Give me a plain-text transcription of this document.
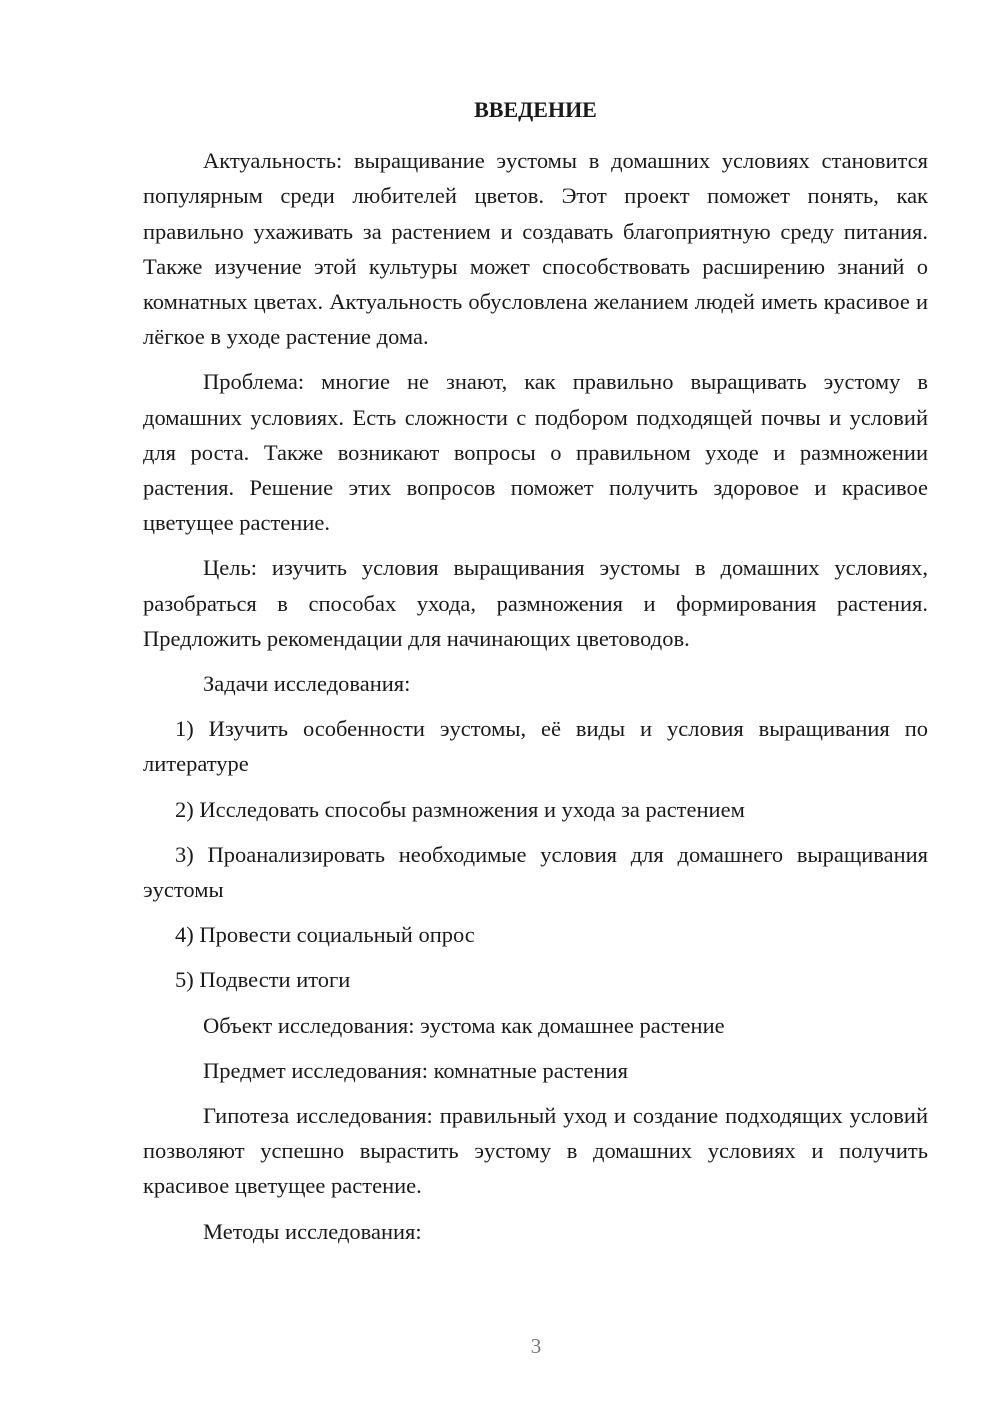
ВВЕДЕНИЕ

Актуальность: выращивание эустомы в домашних условиях становится популярным среди любителей цветов. Этот проект поможет понять, как правильно ухаживать за растением и создавать благоприятную среду питания. Также изучение этой культуры может способствовать расширению знаний о комнатных цветах. Актуальность обусловлена желанием людей иметь красивое и лёгкое в уходе растение дома.

Проблема: многие не знают, как правильно выращивать эустому в домашних условиях. Есть сложности с подбором подходящей почвы и условий для роста. Также возникают вопросы о правильном уходе и размножении растения. Решение этих вопросов поможет получить здоровое и красивое цветущее растение.

Цель: изучить условия выращивания эустомы в домашних условиях, разобраться в способах ухода, размножения и формирования растения. Предложить рекомендации для начинающих цветоводов.

Задачи исследования:

1) Изучить особенности эустомы, её виды и условия выращивания по литературе

2) Исследовать способы размножения и ухода за растением

3) Проанализировать необходимые условия для домашнего выращивания эустомы

4) Провести социальный опрос

5) Подвести итоги

Объект исследования: эустома как домашнее растение

Предмет исследования: комнатные растения

Гипотеза исследования: правильный уход и создание подходящих условий позволяют успешно вырастить эустому в домашних условиях и получить красивое цветущее растение.

Методы исследования:

3
